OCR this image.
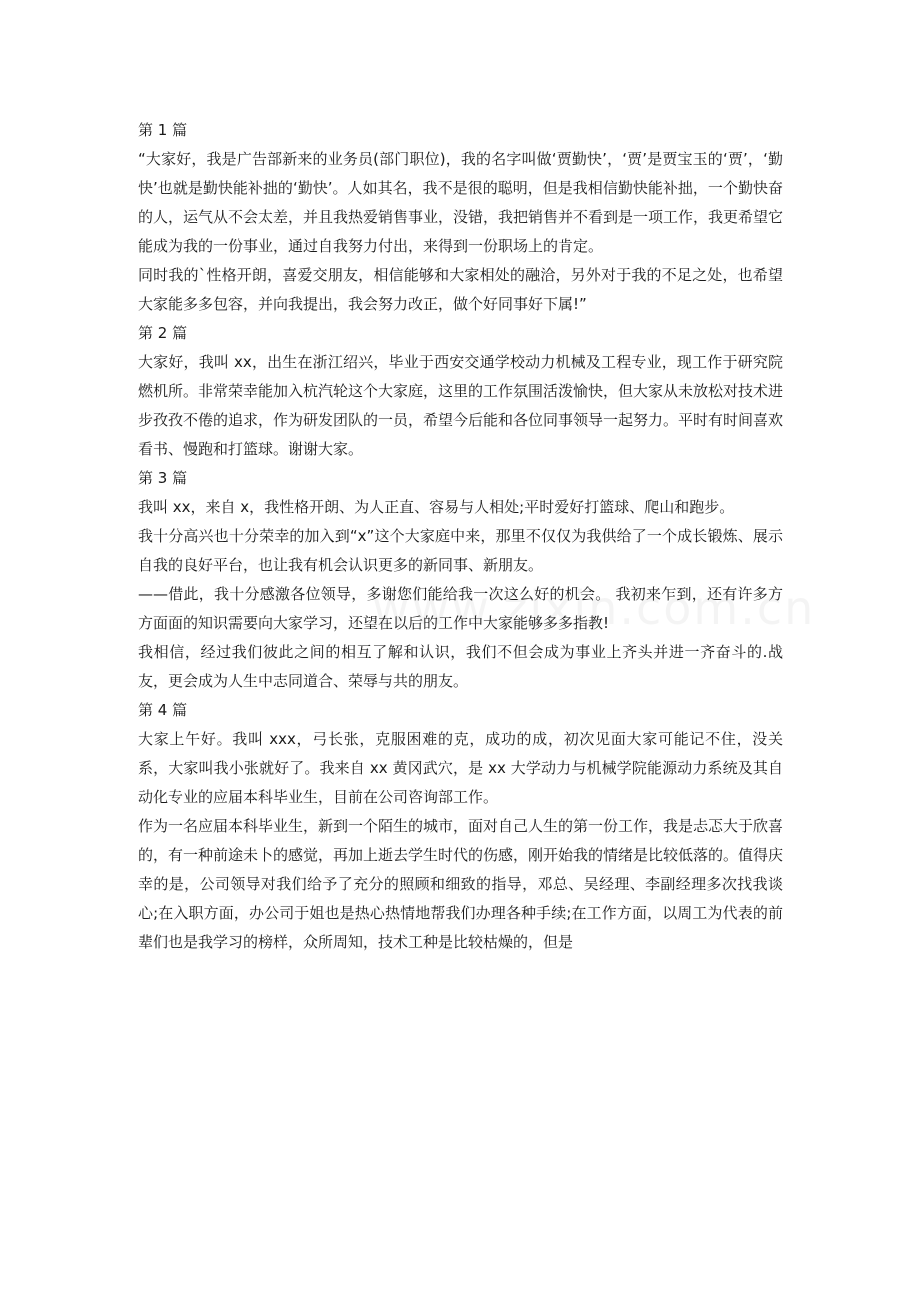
第 1 篇

“大家好，我是广告部新来的业务员(部门职位)，我的名字叫做‘贾勤快’，‘贾’是贾宝玉的‘贾’，‘勤快’也就是勤快能补拙的‘勤快’。人如其名，我不是很的聪明，但是我相信勤快能补拙，一个勤快奋的人，运气从不会太差，并且我热爱销售事业，没错，我把销售并不看到是一项工作，我更希望它能成为我的一份事业，通过自我努力付出，来得到一份职场上的肯定。

同时我的`性格开朗，喜爱交朋友，相信能够和大家相处的融洽，另外对于我的不足之处，也希望大家能多多包容，并向我提出，我会努力改正，做个好同事好下属!”

第 2 篇

大家好，我叫 xx，出生在浙江绍兴，毕业于西安交通学校动力机械及工程专业，现工作于研究院燃机所。非常荣幸能加入杭汽轮这个大家庭，这里的工作氛围活泼愉快，但大家从未放松对技术进步孜孜不倦的追求，作为研发团队的一员，希望今后能和各位同事领导一起努力。平时有时间喜欢看书、慢跑和打篮球。谢谢大家。

第 3 篇

我叫 xx，来自 x，我性格开朗、为人正直、容易与人相处;平时爱好打篮球、爬山和跑步。

我十分高兴也十分荣幸的加入到“x”这个大家庭中来，那里不仅仅为我供给了一个成长锻炼、展示自我的良好平台，也让我有机会认识更多的新同事、新朋友。

——借此，我十分感激各位领导，多谢您们能给我一次这么好的机会。 我初来乍到，还有许多方方面面的知识需要向大家学习，还望在以后的工作中大家能够多多指教!

我相信，经过我们彼此之间的相互了解和认识，我们不但会成为事业上齐头并进一齐奋斗的.战友，更会成为人生中志同道合、荣辱与共的朋友。

第 4 篇

大家上午好。我叫 xxx，弓长张，克服困难的克，成功的成，初次见面大家可能记不住，没关系，大家叫我小张就好了。我来自 xx 黄冈武穴，是 xx 大学动力与机械学院能源动力系统及其自动化专业的应届本科毕业生，目前在公司咨询部工作。

作为一名应届本科毕业生，新到一个陌生的城市，面对自己人生的第一份工作，我是忐忑大于欣喜的，有一种前途未卜的感觉，再加上逝去学生时代的伤感，刚开始我的情绪是比较低落的。值得庆幸的是，公司领导对我们给予了充分的照顾和细致的指导，邓总、吴经理、李副经理多次找我谈心;在入职方面，办公司于姐也是热心热情地帮我们办理各种手续;在工作方面，以周工为代表的前辈们也是我学习的榜样，众所周知，技术工种是比较枯燥的，但是
